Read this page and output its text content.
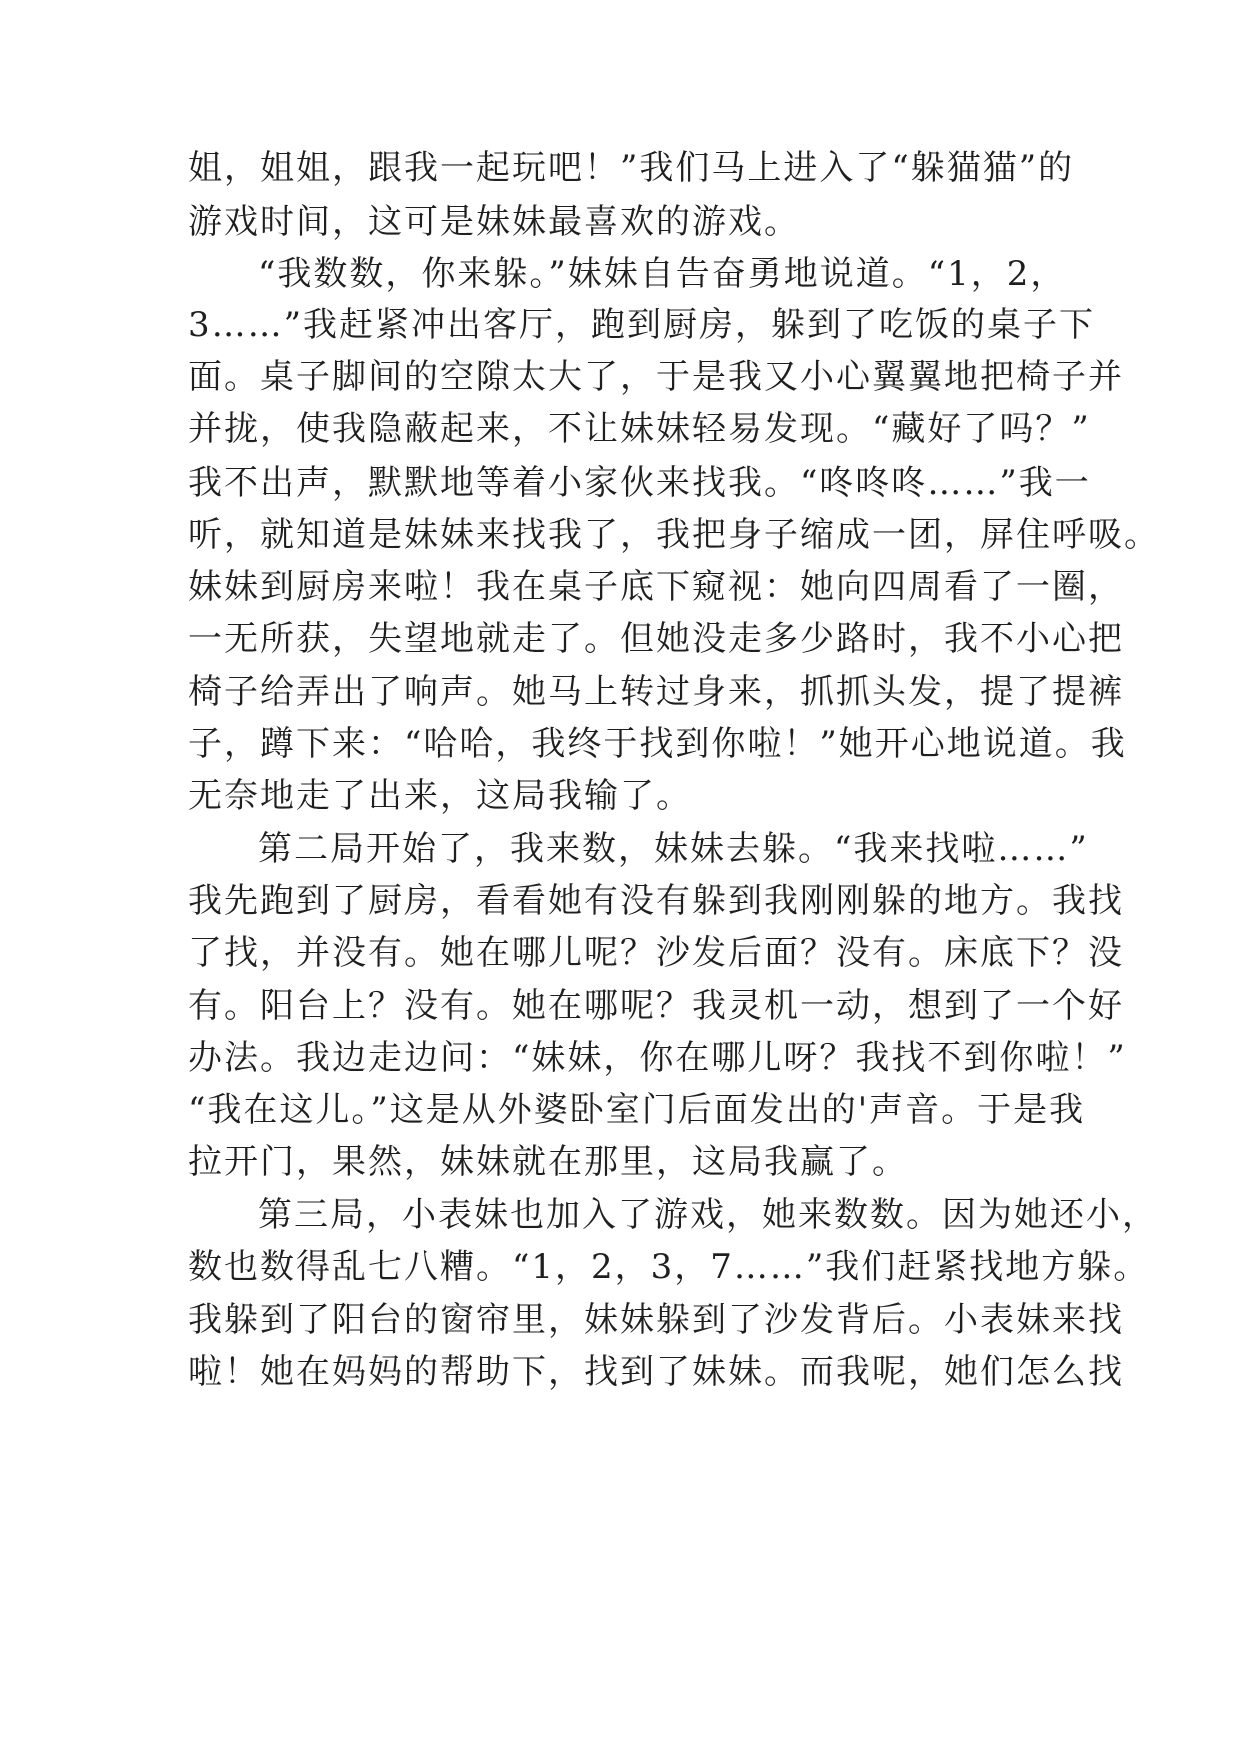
姐，姐姐，跟我一起玩吧！”我们马上进入了“躲猫猫”的
游戏时间，这可是妹妹最喜欢的游戏。
“我数数，你来躲。”妹妹自告奋勇地说道。“1，2，
3……”我赶紧冲出客厅，跑到厨房，躲到了吃饭的桌子下
面。桌子脚间的空隙太大了，于是我又小心翼翼地把椅子并
并拢，使我隐蔽起来，不让妹妹轻易发现。“藏好了吗？”
我不出声，默默地等着小家伙来找我。“咚咚咚……”我一
听，就知道是妹妹来找我了，我把身子缩成一团，屏住呼吸。
妹妹到厨房来啦！我在桌子底下窥视：她向四周看了一圈，
一无所获，失望地就走了。但她没走多少路时，我不小心把
椅子给弄出了响声。她马上转过身来，抓抓头发，提了提裤
子，蹲下来：“哈哈，我终于找到你啦！”她开心地说道。我
无奈地走了出来，这局我输了。
第二局开始了，我来数，妹妹去躲。“我来找啦……”
我先跑到了厨房，看看她有没有躲到我刚刚躲的地方。我找
了找，并没有。她在哪儿呢？沙发后面？没有。床底下？没
有。阳台上？没有。她在哪呢？我灵机一动，想到了一个好
办法。我边走边问：“妹妹，你在哪儿呀？我找不到你啦！”
“我在这儿。”这是从外婆卧室门后面发出的'声音。于是我
拉开门，果然，妹妹就在那里，这局我赢了。
第三局，小表妹也加入了游戏，她来数数。因为她还小，
数也数得乱七八糟。“1，2，3，7……”我们赶紧找地方躲。
我躲到了阳台的窗帘里，妹妹躲到了沙发背后。小表妹来找
啦！她在妈妈的帮助下，找到了妹妹。而我呢，她们怎么找
